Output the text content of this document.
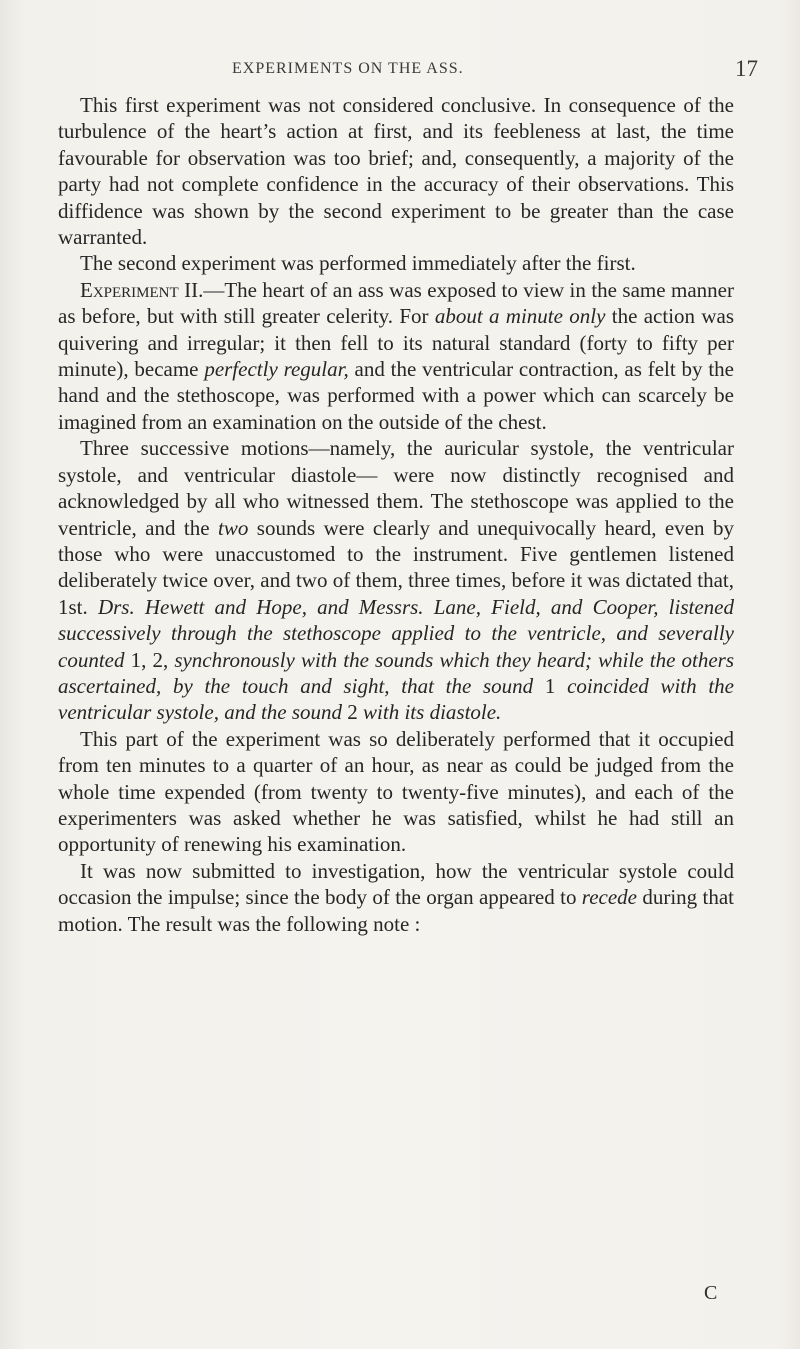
EXPERIMENTS ON THE ASS.	17

This first experiment was not considered conclusive. In consequence of the turbulence of the heart’s action at first, and its feebleness at last, the time favourable for observation was too brief; and, consequently, a majority of the party had not complete confidence in the accuracy of their observations. This diffidence was shown by the second experiment to be greater than the case warranted.

The second experiment was performed immediately after the first.

Experiment II.—The heart of an ass was exposed to view in the same manner as before, but with still greater celerity. For about a minute only the action was quivering and irregular; it then fell to its natural standard (forty to fifty per minute), became perfectly regular, and the ventricular contraction, as felt by the hand and the stethoscope, was performed with a power which can scarcely be imagined from an examination on the outside of the chest.

Three successive motions—namely, the auricular systole, the ventricular systole, and ventricular diastole— were now distinctly recognised and acknowledged by all who witnessed them. The stethoscope was applied to the ventricle, and the two sounds were clearly and unequivocally heard, even by those who were unaccustomed to the instrument. Five gentlemen listened deliberately twice over, and two of them, three times, before it was dictated that, 1st. Drs. Hewett and Hope, and Messrs. Lane, Field, and Cooper, listened successively through the stethoscope applied to the ventricle, and severally counted 1, 2, synchronously with the sounds which they heard; while the others ascertained, by the touch and sight, that the sound 1 coincided with the ventricular systole, and the sound 2 with its diastole.

This part of the experiment was so deliberately performed that it occupied from ten minutes to a quarter of an hour, as near as could be judged from the whole time expended (from twenty to twenty-five minutes), and each of the experimenters was asked whether he was satisfied, whilst he had still an opportunity of renewing his examination.

It was now submitted to investigation, how the ventricular systole could occasion the impulse; since the body of the organ appeared to recede during that motion. The result was the following note :

C
